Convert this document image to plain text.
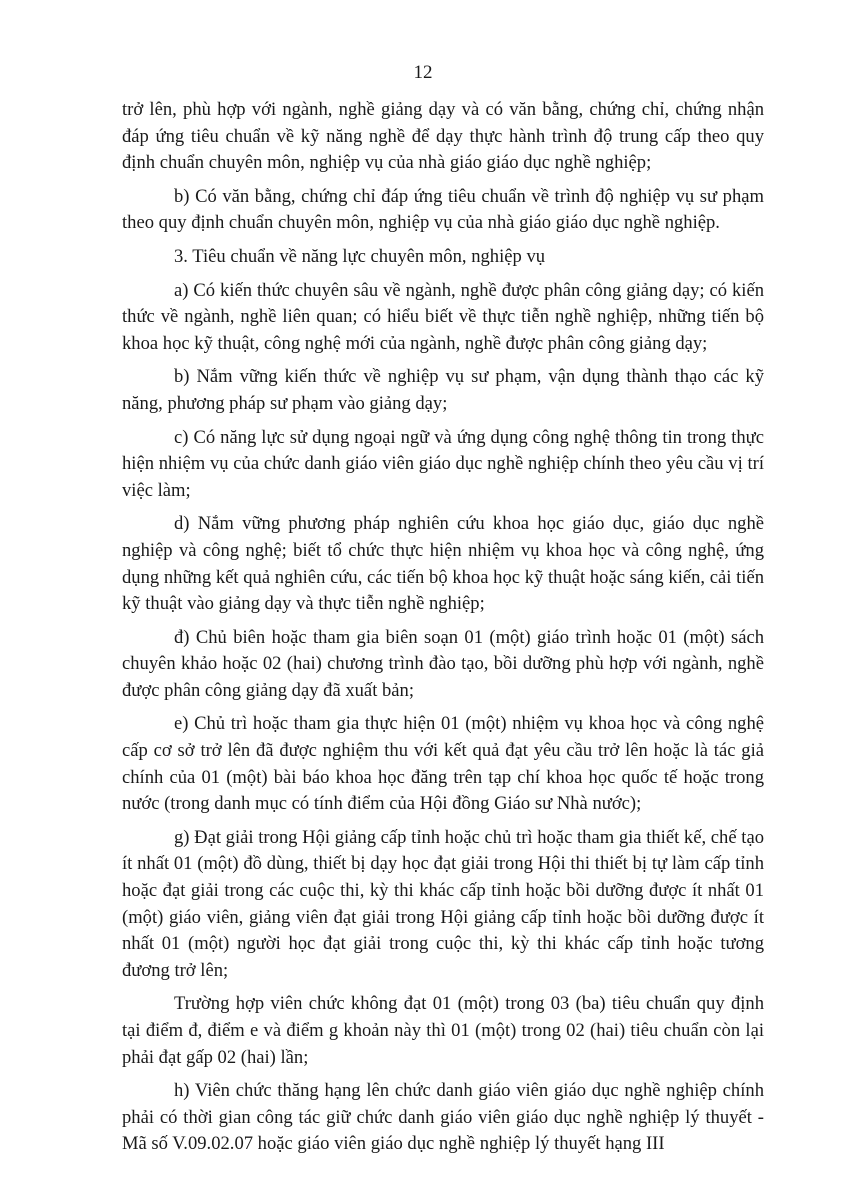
12

trở lên, phù hợp với ngành, nghề giảng dạy và có văn bằng, chứng chỉ, chứng nhận đáp ứng tiêu chuẩn về kỹ năng nghề để dạy thực hành trình độ trung cấp theo quy định chuẩn chuyên môn, nghiệp vụ của nhà giáo giáo dục nghề nghiệp;

b) Có văn bằng, chứng chỉ đáp ứng tiêu chuẩn về trình độ nghiệp vụ sư phạm theo quy định chuẩn chuyên môn, nghiệp vụ của nhà giáo giáo dục nghề nghiệp.

3. Tiêu chuẩn về năng lực chuyên môn, nghiệp vụ

a) Có kiến thức chuyên sâu về ngành, nghề được phân công giảng dạy; có kiến thức về ngành, nghề liên quan; có hiểu biết về thực tiễn nghề nghiệp, những tiến bộ khoa học kỹ thuật, công nghệ mới của ngành, nghề được phân công giảng dạy;

b) Nắm vững kiến thức về nghiệp vụ sư phạm, vận dụng thành thạo các kỹ năng, phương pháp sư phạm vào giảng dạy;

c) Có năng lực sử dụng ngoại ngữ và ứng dụng công nghệ thông tin trong thực hiện nhiệm vụ của chức danh giáo viên giáo dục nghề nghiệp chính theo yêu cầu vị trí việc làm;

d) Nắm vững phương pháp nghiên cứu khoa học giáo dục, giáo dục nghề nghiệp và công nghệ; biết tổ chức thực hiện nhiệm vụ khoa học và công nghệ, ứng dụng những kết quả nghiên cứu, các tiến bộ khoa học kỹ thuật hoặc sáng kiến, cải tiến kỹ thuật vào giảng dạy và thực tiễn nghề nghiệp;

đ) Chủ biên hoặc tham gia biên soạn 01 (một) giáo trình hoặc 01 (một) sách chuyên khảo hoặc 02 (hai) chương trình đào tạo, bồi dưỡng phù hợp với ngành, nghề được phân công giảng dạy đã xuất bản;

e) Chủ trì hoặc tham gia thực hiện 01 (một) nhiệm vụ khoa học và công nghệ cấp cơ sở trở lên đã được nghiệm thu với kết quả đạt yêu cầu trở lên hoặc là tác giả chính của 01 (một) bài báo khoa học đăng trên tạp chí khoa học quốc tế hoặc trong nước (trong danh mục có tính điểm của Hội đồng Giáo sư Nhà nước);

g) Đạt giải trong Hội giảng cấp tỉnh hoặc chủ trì hoặc tham gia thiết kế, chế tạo ít nhất 01 (một) đồ dùng, thiết bị dạy học đạt giải trong Hội thi thiết bị tự làm cấp tỉnh hoặc đạt giải trong các cuộc thi, kỳ thi khác cấp tỉnh hoặc bồi dưỡng được ít nhất 01 (một) giáo viên, giảng viên đạt giải trong Hội giảng cấp tỉnh hoặc bồi dưỡng được ít nhất 01 (một) người học đạt giải trong cuộc thi, kỳ thi khác cấp tỉnh hoặc tương đương trở lên;

Trường hợp viên chức không đạt 01 (một) trong 03 (ba) tiêu chuẩn quy định tại điểm đ, điểm e và điểm g khoản này thì 01 (một) trong 02 (hai) tiêu chuẩn còn lại phải đạt gấp 02 (hai) lần;

h) Viên chức thăng hạng lên chức danh giáo viên giáo dục nghề nghiệp chính phải có thời gian công tác giữ chức danh giáo viên giáo dục nghề nghiệp lý thuyết - Mã số V.09.02.07 hoặc giáo viên giáo dục nghề nghiệp lý thuyết hạng III
